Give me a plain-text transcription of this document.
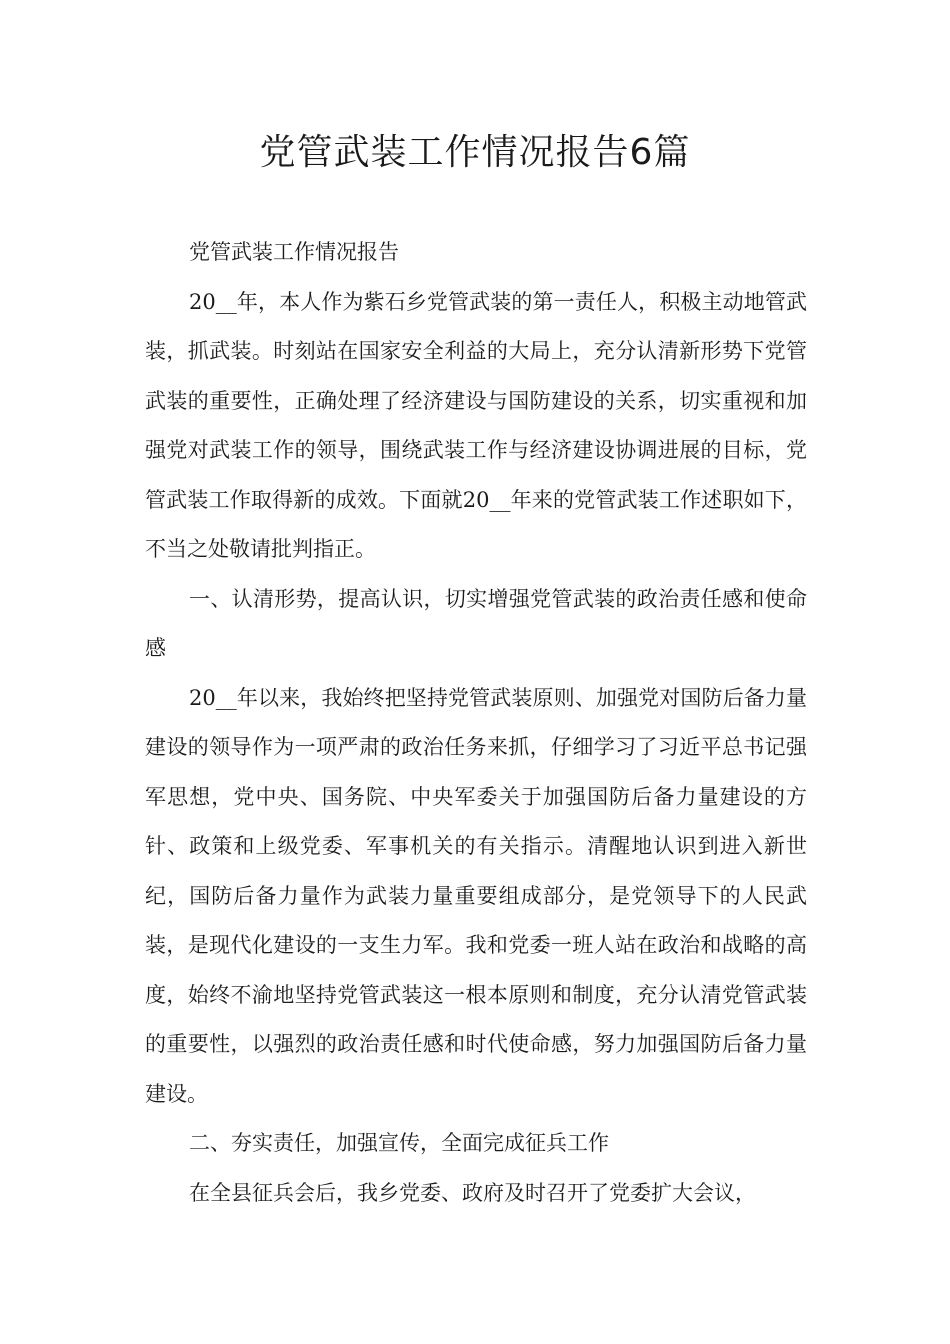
党管武装工作情况报告6篇

党管武装工作情况报告

20__年，本人作为紫石乡党管武装的第一责任人，积极主动地管武装，抓武装。时刻站在国家安全利益的大局上，充分认清新形势下党管武装的重要性，正确处理了经济建设与国防建设的关系，切实重视和加强党对武装工作的领导，围绕武装工作与经济建设协调进展的目标，党管武装工作取得新的成效。下面就20__年来的党管武装工作述职如下，不当之处敬请批判指正。

一、认清形势，提高认识，切实增强党管武装的政治责任感和使命感

20__年以来，我始终把坚持党管武装原则、加强党对国防后备力量建设的领导作为一项严肃的政治任务来抓，仔细学习了习近平总书记强军思想，党中央、国务院、中央军委关于加强国防后备力量建设的方针、政策和上级党委、军事机关的有关指示。清醒地认识到进入新世纪，国防后备力量作为武装力量重要组成部分，是党领导下的人民武装，是现代化建设的一支生力军。我和党委一班人站在政治和战略的高度，始终不渝地坚持党管武装这一根本原则和制度，充分认清党管武装的重要性，以强烈的政治责任感和时代使命感，努力加强国防后备力量建设。

二、夯实责任，加强宣传，全面完成征兵工作

在全县征兵会后，我乡党委、政府及时召开了党委扩大会议，
